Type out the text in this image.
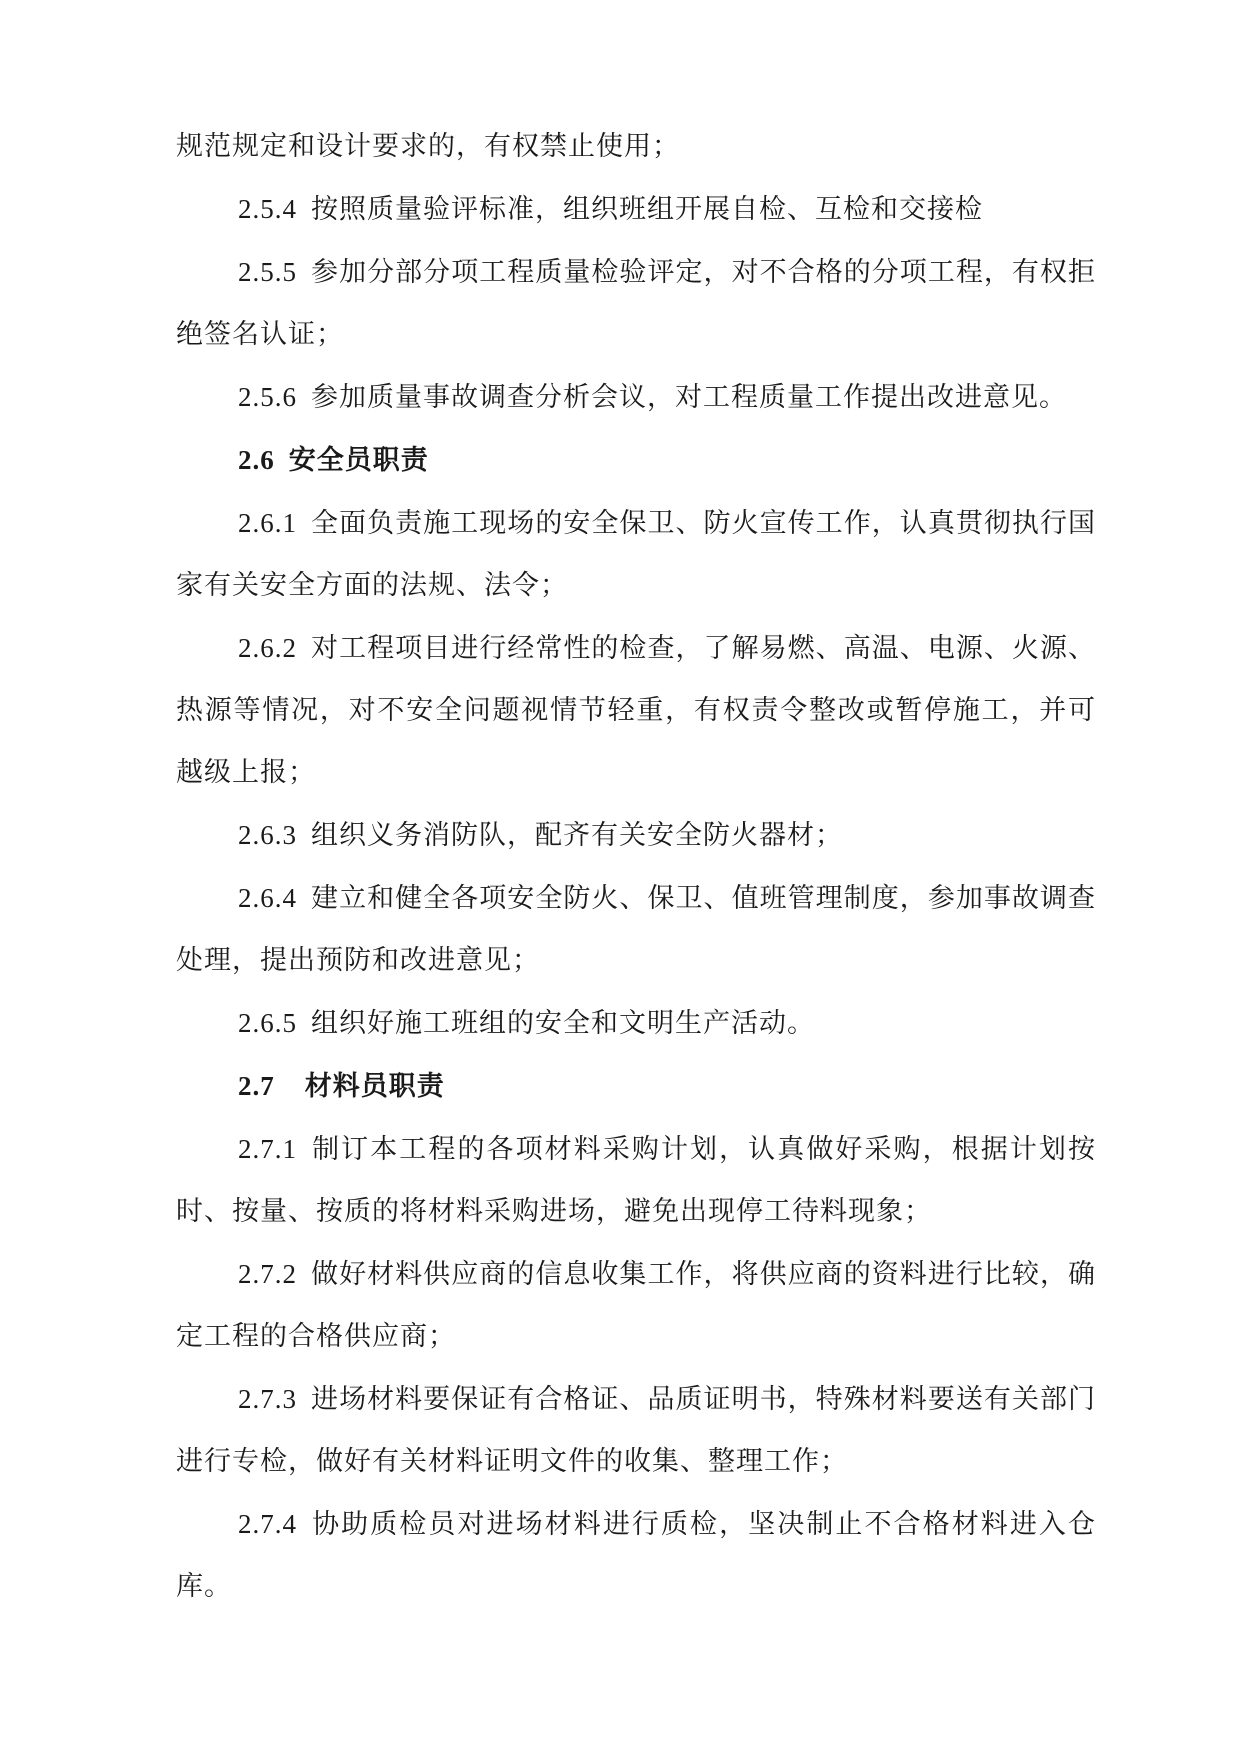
规范规定和设计要求的，有权禁止使用；

2.5.4 按照质量验评标准，组织班组开展自检、互检和交接检

2.5.5 参加分部分项工程质量检验评定，对不合格的分项工程，有权拒绝签名认证；

2.5.6 参加质量事故调查分析会议，对工程质量工作提出改进意见。

2.6 安全员职责

2.6.1 全面负责施工现场的安全保卫、防火宣传工作，认真贯彻执行国家有关安全方面的法规、法令；

2.6.2 对工程项目进行经常性的检查，了解易燃、高温、电源、火源、热源等情况，对不安全问题视情节轻重，有权责令整改或暂停施工，并可越级上报；

2.6.3 组织义务消防队，配齐有关安全防火器材；

2.6.4 建立和健全各项安全防火、保卫、值班管理制度，参加事故调查处理，提出预防和改进意见；

2.6.5 组织好施工班组的安全和文明生产活动。

2.7 材料员职责

2.7.1 制订本工程的各项材料采购计划，认真做好采购，根据计划按时、按量、按质的将材料采购进场，避免出现停工待料现象；

2.7.2 做好材料供应商的信息收集工作，将供应商的资料进行比较，确定工程的合格供应商；

2.7.3 进场材料要保证有合格证、品质证明书，特殊材料要送有关部门进行专检，做好有关材料证明文件的收集、整理工作；

2.7.4 协助质检员对进场材料进行质检，坚决制止不合格材料进入仓库。
